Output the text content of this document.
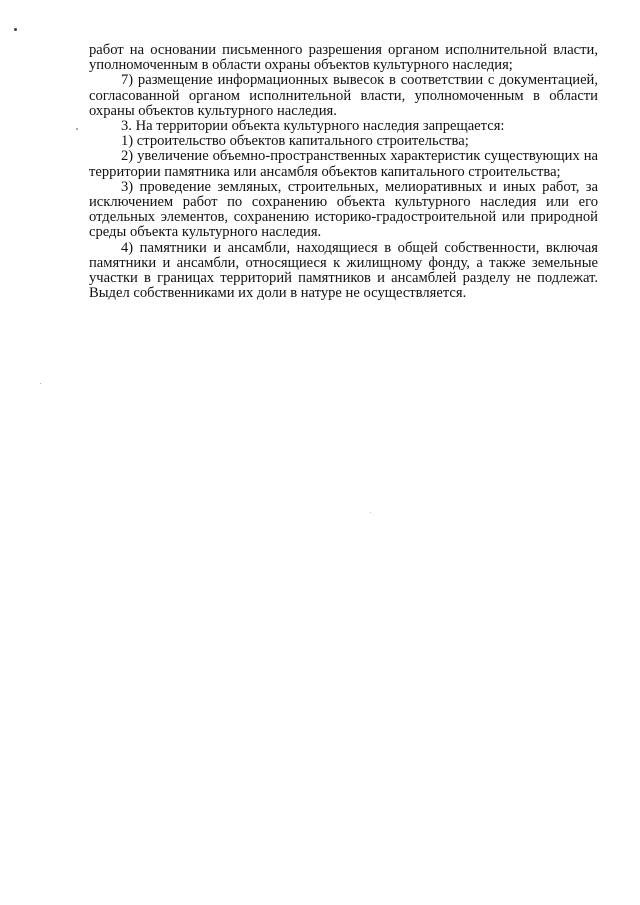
работ на основании письменного разрешения органом исполнительной власти, уполномоченным в области охраны объектов культурного наследия;

7) размещение информационных вывесок в соответствии с документацией, согласованной органом исполнительной власти, уполномоченным в области охраны объектов культурного наследия.

3. На территории объекта культурного наследия запрещается:

1) строительство объектов капитального строительства;

2) увеличение объемно-пространственных характеристик существующих на территории памятника или ансамбля объектов капитального строительства;

3) проведение земляных, строительных, мелиоративных и иных работ, за исключением работ по сохранению объекта культурного наследия или его отдельных элементов, сохранению историко-градостроительной или природной среды объекта культурного наследия.

4) памятники и ансамбли, находящиеся в общей собственности, включая памятники и ансамбли, относящиеся к жилищному фонду, а также земельные участки в границах территорий памятников и ансамблей разделу не подлежат. Выдел собственниками их доли в натуре не осуществляется.
